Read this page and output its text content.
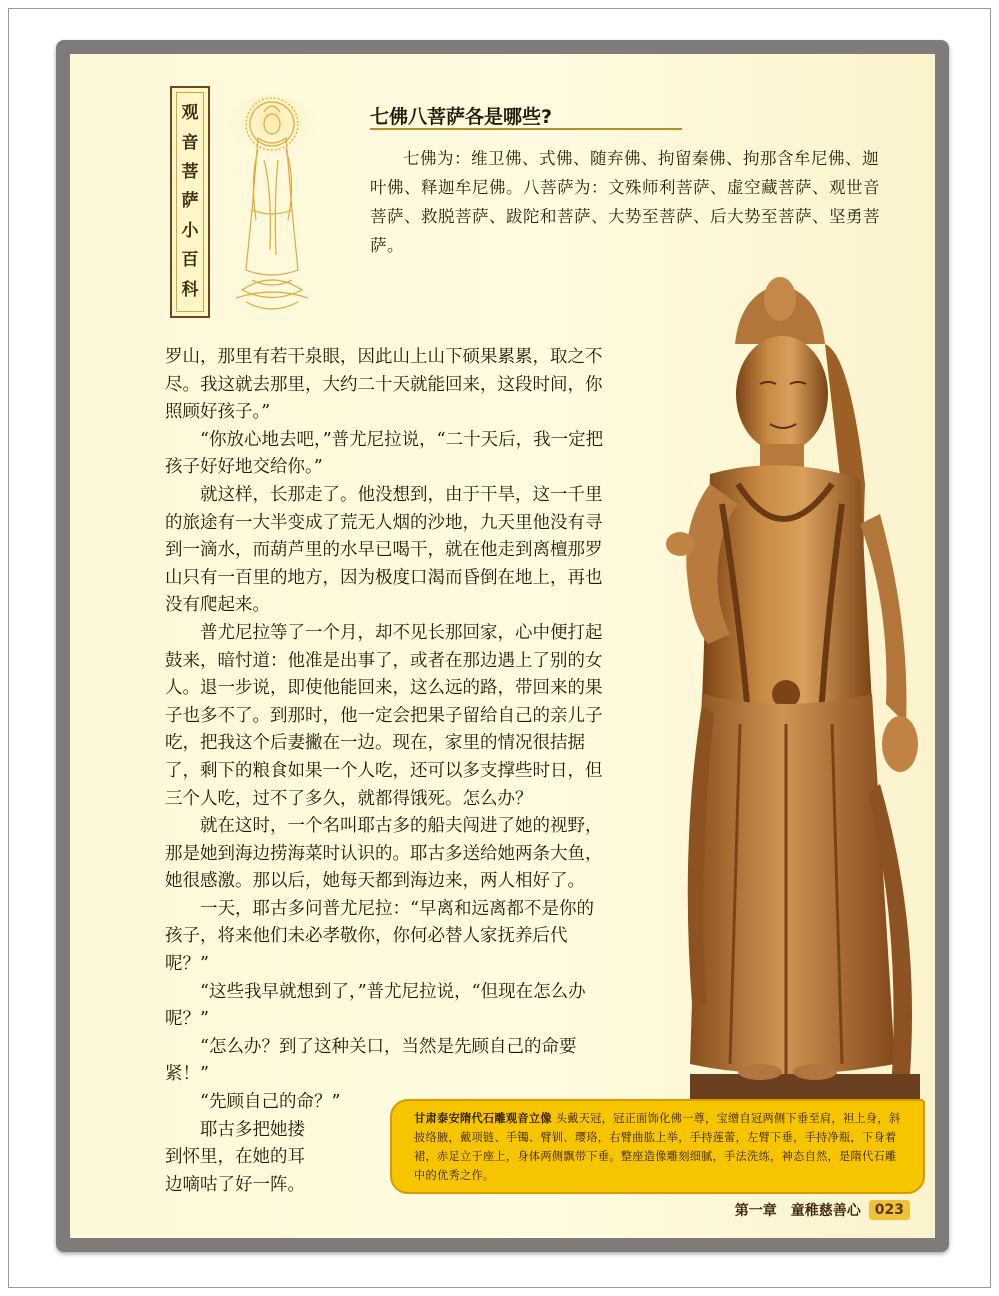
观
音
菩
萨
小
百
科
七佛八菩萨各是哪些?
七佛为：维卫佛、式佛、随弃佛、拘留秦佛、拘那含牟尼佛、迦叶佛、释迦牟尼佛。八菩萨为：文殊师利菩萨、虚空藏菩萨、观世音菩萨、救脱菩萨、跋陀和菩萨、大势至菩萨、后大势至菩萨、坚勇菩萨。

罗山，那里有若干泉眼，因此山上山下硕果累累，取之不尽。我这就去那里，大约二十天就能回来，这段时间，你照顾好孩子。”

“你放心地去吧，”普尤尼拉说，“二十天后，我一定把孩子好好地交给你。”

就这样，长那走了。他没想到，由于干旱，这一千里的旅途有一大半变成了荒无人烟的沙地，九天里他没有寻到一滴水，而葫芦里的水早已喝干，就在他走到离檀那罗山只有一百里的地方，因为极度口渴而昏倒在地上，再也没有爬起来。

普尤尼拉等了一个月，却不见长那回家，心中便打起鼓来，暗忖道：他准是出事了，或者在那边遇上了别的女人。退一步说，即使他能回来，这么远的路，带回来的果子也多不了。到那时，他一定会把果子留给自己的亲儿子吃，把我这个后妻撇在一边。现在，家里的情况很拮据了，剩下的粮食如果一个人吃，还可以多支撑些时日，但三个人吃，过不了多久，就都得饿死。怎么办？

就在这时，一个名叫耶古多的船夫闯进了她的视野，那是她到海边捞海菜时认识的。耶古多送给她两条大鱼，她很感激。那以后，她每天都到海边来，两人相好了。

一天，耶古多问普尤尼拉：“早离和远离都不是你的孩子，将来他们未必孝敬你，你何必替人家抚养后代呢？”

“这些我早就想到了，”普尤尼拉说，“但现在怎么办呢？”

“怎么办？到了这种关口，当然是先顾自己的命要紧！”

“先顾自己的命？”

耶古多把她搂到怀里，在她的耳边嘀咕了好一阵。

甘肃泰安隋代石雕观音立像 头戴天冠，冠正面饰化佛一尊，宝缯自冠两侧下垂至肩，袒上身，斜披络腋，戴项链、手镯、臂钏、璎珞，右臂曲肱上举，手持莲蕾，左臂下垂，手持净瓶，下身着裙，赤足立于座上，身体两侧飘带下垂。整座造像雕刻细腻，手法洗练，神态自然，是隋代石雕中的优秀之作。
第一章　童稚慈善心	023
